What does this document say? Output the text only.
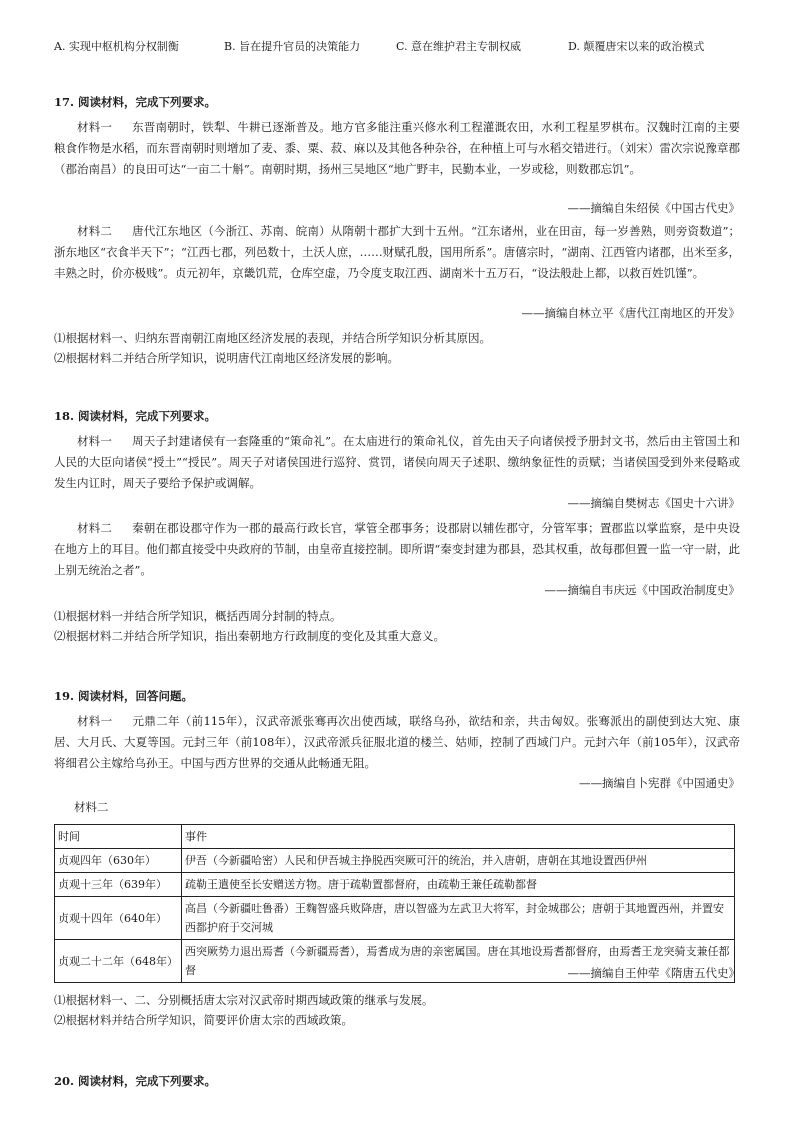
A. 实现中枢机构分权制衡	B. 旨在提升官员的决策能力	C. 意在维护君主专制权威	D. 颠覆唐宋以来的政治模式
17. 阅读材料，完成下列要求。
材料一 东晋南朝时，铁犁、牛耕已逐渐普及。地方官多能注重兴修水利工程灌溉农田，水利工程星罗棋布。汉魏时江南的主要粮食作物是水稻，而东晋南朝时则增加了麦、黍、粟、菽、麻以及其他各种杂谷，在种植上可与水稻交错进行。（刘宋）雷次宗说豫章郡（郡治南昌）的良田可达“一亩二十斛”。南朝时期，扬州三吴地区“地广野丰，民勤本业，一岁或稔，则数郡忘饥”。
——摘编自朱绍侯《中国古代史》
材料二 唐代江东地区（今浙江、苏南、皖南）从隋朝十郡扩大到十五州。“江东诸州，业在田亩，每一岁善熟，则旁资数道”；浙东地区“衣食半天下”；“江西七郡，列邑数十，土沃人庶，……财赋孔殷，国用所系”。唐僖宗时，“湖南、江西管内诸郡，出米至多，丰熟之时，价亦极贱”。贞元初年，京畿饥荒，仓库空虚，乃令度支取江西、湖南米十五万石，“设法般赴上都，以救百姓饥馑”。
——摘编自林立平《唐代江南地区的开发》
⑴根据材料一、归纳东晋南朝江南地区经济发展的表现，并结合所学知识分析其原因。
⑵根据材料二并结合所学知识，说明唐代江南地区经济发展的影响。
18. 阅读材料，完成下列要求。
材料一 周天子封建诸侯有一套隆重的“策命礼”。在太庙进行的策命礼仪，首先由天子向诸侯授予册封文书，然后由主管国土和人民的大臣向诸侯“授土”“授民”。周天子对诸侯国进行巡狩、赏罚，诸侯向周天子述职、缴纳象征性的贡赋；当诸侯国受到外来侵略或发生内讧时，周天子要给予保护或调解。
——摘编自樊树志《国史十六讲》
材料二 秦朝在郡设郡守作为一郡的最高行政长官，掌管全郡事务；设郡尉以辅佐郡守，分管军事；置郡监以掌监察，是中央设在地方上的耳目。他们都直接受中央政府的节制，由皇帝直接控制。即所谓“秦变封建为郡县，恐其权重，故每郡但置一监一守一尉，此上别无统治之者”。
——摘编自韦庆远《中国政治制度史》
⑴根据材料一并结合所学知识，概括西周分封制的特点。
⑵根据材料二并结合所学知识，指出秦朝地方行政制度的变化及其重大意义。
19. 阅读材料，回答问题。
材料一 元鼎二年（前115年），汉武帝派张骞再次出使西域，联络乌孙，欲结和亲，共击匈奴。张骞派出的副使到达大宛、康居、大月氏、大夏等国。元封三年（前108年），汉武帝派兵征服北道的楼兰、姑师，控制了西域门户。元封六年（前105年），汉武帝将细君公主嫁给乌孙王。中国与西方世界的交通从此畅通无阻。
——摘编自卜宪群《中国通史》
材料二
时间	事件
贞观四年（630年）	伊吾（今新疆哈密）人民和伊吾城主挣脱西突厥可汗的统治，并入唐朝，唐朝在其地设置西伊州
贞观十三年（639年）	疏勒王遣使至长安赠送方物。唐于疏勒置都督府，由疏勒王兼任疏勒都督
贞观十四年（640年）	高昌（今新疆吐鲁番）王麴智盛兵败降唐，唐以智盛为左武卫大将军，封金城郡公；唐朝于其地置西州，并置安西都护府于交河城
贞观二十二年（648年）	西突厥势力退出焉耆（今新疆焉耆），焉耆成为唐的亲密属国。唐在其地设焉耆都督府，由焉耆王龙突骑支兼任都督	——摘编自王仲荦《隋唐五代史》
⑴根据材料一、二、分别概括唐太宗对汉武帝时期西域政策的继承与发展。
⑵根据材料并结合所学知识，简要评价唐太宗的西域政策。
20. 阅读材料，完成下列要求。
